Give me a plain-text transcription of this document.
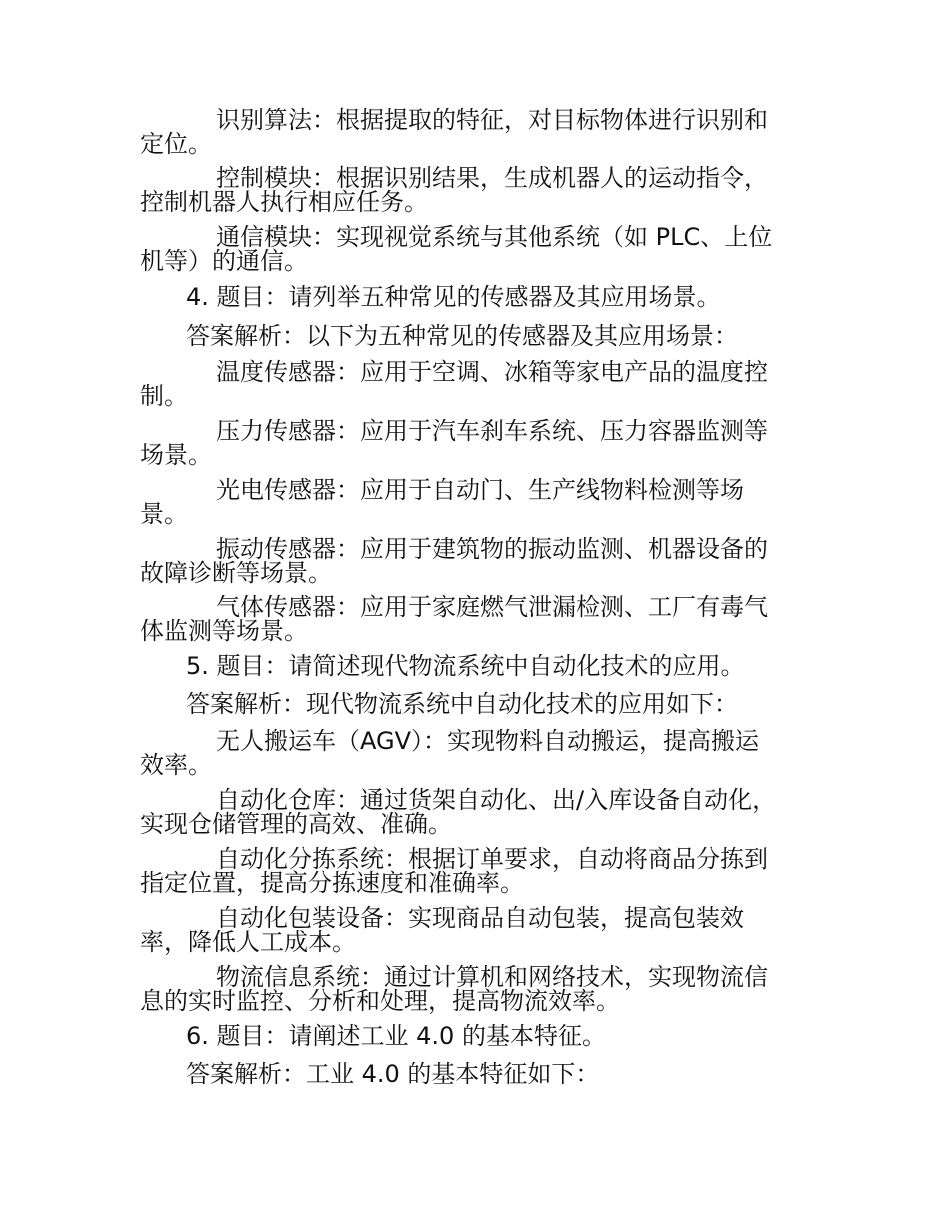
识别算法：根据提取的特征，对目标物体进行识别和
定位。
控制模块：根据识别结果，生成机器人的运动指令，
控制机器人执行相应任务。
通信模块：实现视觉系统与其他系统（如 PLC、上位
机等）的通信。
4. 题目：请列举五种常见的传感器及其应用场景。
答案解析：以下为五种常见的传感器及其应用场景：
温度传感器：应用于空调、冰箱等家电产品的温度控
制。
压力传感器：应用于汽车刹车系统、压力容器监测等
场景。
光电传感器：应用于自动门、生产线物料检测等场
景。
振动传感器：应用于建筑物的振动监测、机器设备的
故障诊断等场景。
气体传感器：应用于家庭燃气泄漏检测、工厂有毒气
体监测等场景。
5. 题目：请简述现代物流系统中自动化技术的应用。
答案解析：现代物流系统中自动化技术的应用如下：
无人搬运车（AGV）：实现物料自动搬运，提高搬运
效率。
自动化仓库：通过货架自动化、出/入库设备自动化，
实现仓储管理的高效、准确。
自动化分拣系统：根据订单要求，自动将商品分拣到
指定位置，提高分拣速度和准确率。
自动化包装设备：实现商品自动包装，提高包装效
率，降低人工成本。
物流信息系统：通过计算机和网络技术，实现物流信
息的实时监控、分析和处理，提高物流效率。
6. 题目：请阐述工业 4.0 的基本特征。
答案解析：工业 4.0 的基本特征如下：
